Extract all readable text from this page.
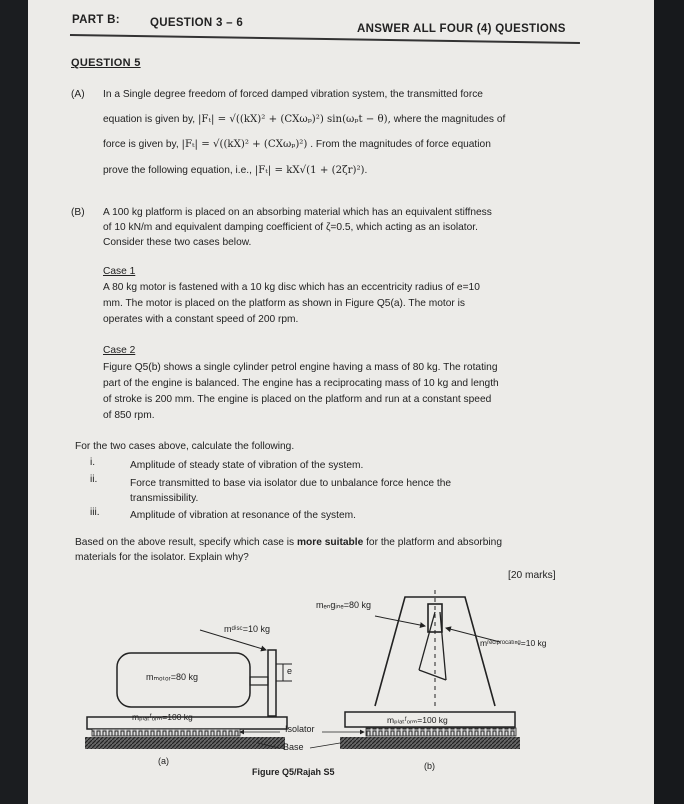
PART B:	QUESTION 3 – 6	ANSWER ALL FOUR (4) QUESTIONS
QUESTION 5
(A) In a Single degree freedom of forced damped vibration system, the transmitted force
equation is given by, |Fₜ| = √((kX)² + (CXωₚ)²) sin(ωₚt − θ), where the magnitudes of
force is given by, |Fₜ| = √((kX)² + (CXωₚ)²) . From the magnitudes of force equation
prove the following equation, i.e., |Fₜ| = kX√(1 + (2ζr)²).
(B) A 100 kg platform is placed on an absorbing material which has an equivalent stiffness
of 10 kN/m and equivalent damping coefficient of ζ=0.5, which acting as an isolator.
Consider these two cases below.
Case 1
A 80 kg motor is fastened with a 10 kg disc which has an eccentricity radius of e=10
mm. The motor is placed on the platform as shown in Figure Q5(a). The motor is
operates with a constant speed of 200 rpm.
Case 2
Figure Q5(b) shows a single cylinder petrol engine having a mass of 80 kg. The rotating
part of the engine is balanced. The engine has a reciprocating mass of 10 kg and length
of stroke is 200 mm. The engine is placed on the platform and run at a constant speed
of 850 rpm.
For the two cases above, calculate the following.
i.	Amplitude of steady state of vibration of the system.
ii.	Force transmitted to base via isolator due to unbalance force hence the
transmissibility.
iii.	Amplitude of vibration at resonance of the system.
Based on the above result, specify which case is more suitable for the platform and absorbing
materials for the isolator. Explain why?
[20 marks]
mₑₙgᵢₙₑ=80 kg
mᵈⁱˢᶜ=10 kg
mʳᵉᶜᶦᵖʳᵒᶜᵃᵗᶦⁿᵍ=10 kg
mₘₒₜₒᵣ=80 kg
e
mₚₗₐₜᶠₒᵣₘ=100 kg	mₚₗₐₜᶠₒᵣₘ=100 kg
Isolator
Base
(a)	(b)
Figure Q5/Rajah S5
